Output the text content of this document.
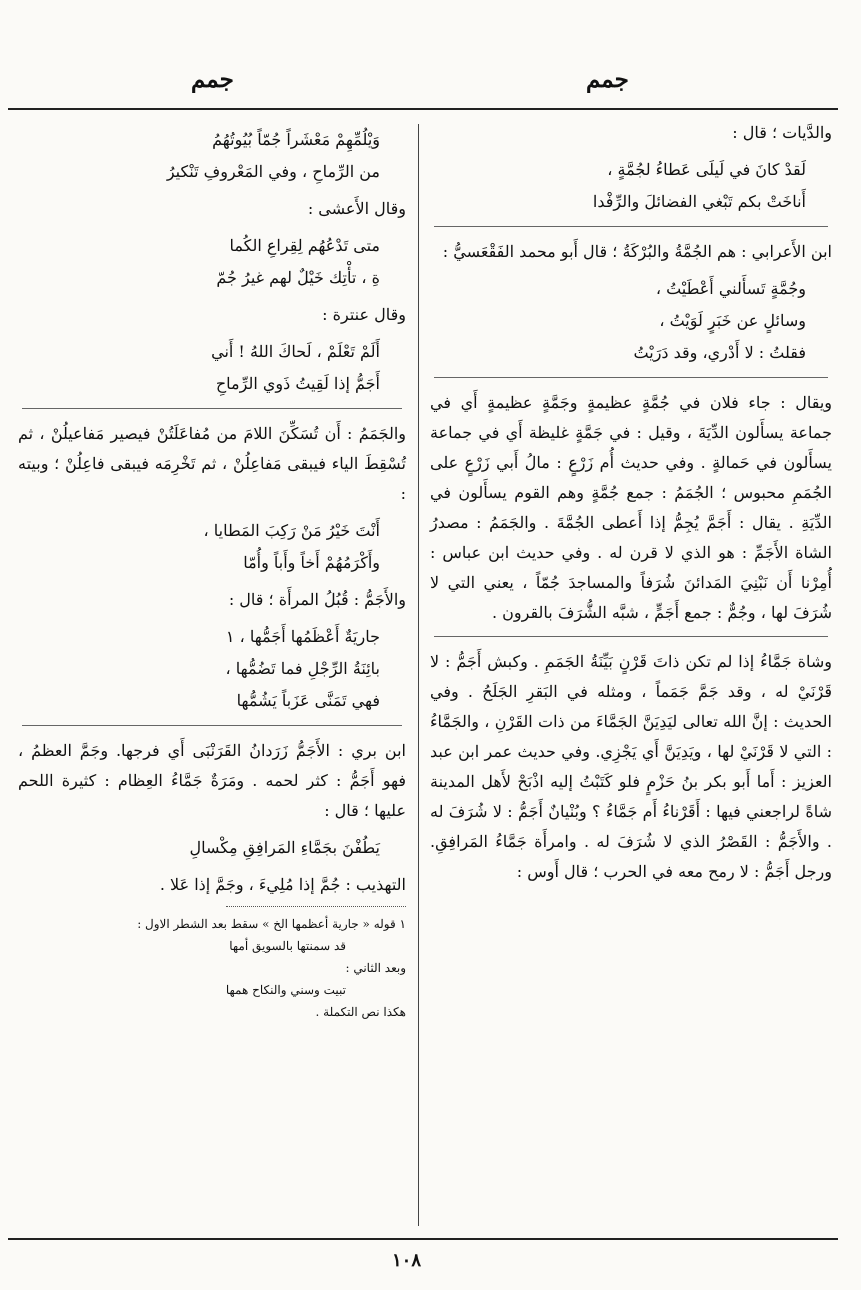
جمم
جمم

والدَّيات ؛ قال :

لَقدْ كانَ في لَيلَى عَطاءُ لجُمَّةٍ ،
أَناخَتْ بكم تَبْغي الفضائلَ والرِّفْدا

ابن الأَعرابي : هم الجُمَّةُ والبُرْكَةُ ؛ قال أَبو محمد الفَقْعَسيُّ :

وجُمَّةٍ تَسأَلني أَعْطَيْتُ ،
وسائلٍ عن خَبَرٍ لَوَيْتُ ،
فقلتُ : لا أَدْري، وقد دَرَيْتُ

ويقال : جاء فلان في جُمَّةٍ عظيمةٍ وجَمَّةٍ عظيمةٍ أَي في جماعة يسأَلون الدِّيَةَ ، وقيل : في جَمَّةٍ غليظة أَي في جماعة يسأَلون في حَمالةٍ . وفي حديث أُم زَرْعٍ : مالُ أَبي زَرْعٍ على الجُمَمِ محبوس ؛ الجُمَمُ : جمع جُمَّةٍ وهم القوم يسأَلون في الدِّيَةِ . يقال : أَجَمَّ يُجِمُّ إذا أَعطى الجُمَّةَ . والجَمَمُ : مصدرُ الشاة الأَجَمِّ : هو الذي لا قرن له . وفي حديث ابن عباس : أُمِرْنا أَن نَبْنِيَ المَدائنَ شُرَفاً والمساجدَ جُمّاً ، يعني التي لا شُرَفَ لها ، وجُمٌّ : جمع أَجَمٍّ ، شبَّه الشُّرَفَ بالقرون .

وشاة جَمَّاءُ إذا لم تكن ذاتَ قَرْنٍ بَيِّنَةُ الجَمَمِ . وكبش أَجَمُّ : لا قَرْنَيْ له ، وقد جَمَّ جَمَماً ، ومثله في البَقرِ الجَلَحُ . وفي الحديث : إنَّ الله تعالى ليَدِيَنَّ الجَمَّاءَ من ذات القَرْنِ ، والجَمَّاءُ : التي لا قَرْنَيْ لها ، ويَدِيَنَّ أَي يَجْزِي. وفي حديث عمر ابن عبد العزيز : أَما أَبو بكر بنُ حَزْمٍ فلو كَتَبْتُ إليه اذْبَحْ لأَهل المدينة شاةً لراجعني فيها : أَقَرْناءُ أَم جَمَّاءُ ؟ وبُنْيانٌ أَجَمُّ : لا شُرَفَ له . والأَجَمُّ : القَصْرُ الذي لا شُرَفَ له . وامرأَة جَمَّاءُ المَرافِقِ. ورجل أَجَمُّ : لا رمح معه في الحرب ؛ قال أَوس :

وَيْلُمِّهِمْ مَعْشَراً جُمّاً بُيُوتُهُمُ
من الرِّماحِ ، وفي المَعْروفِ تَنْكيرُ

وقال الأَعشى :

متى تَدْعُهُم لِقِراعِ الكُما
ةِ ، تأْتِك خَيْلٌ لهم غيرُ جُمّ

وقال عنترة :

أَلَمْ تَعْلَمْ ، لَحاكَ اللهُ ! أَني
أَجَمُّ إذا لَقِيتُ ذَوي الرِّماحِ

والجَمَمُ : أَن تُسَكِّنَ اللامَ من مُفاعَلَتُنْ فيصير مَفاعيلُنْ ، ثم تُسْقِطَ الياء فيبقى مَفاعِلُنْ ، ثم تَخْرِمَه فيبقى فاعِلُنْ ؛ وبيته :

أَنْتَ خَيْرُ مَنْ رَكِبَ المَطايا ،
وأَكْرَمُهُمْ أَخاً وأَباً وأُمّا

والأَجَمُّ : قُبُلُ المرأَة ؛ قال :

جاريَةٌ أَعْظَمُها أَجَمُّها ، ١
بائِنَةُ الرِّجْلِ فما تَضُمُّها ،
فهي تَمَنَّى عَزَباً يَشُمُّها

ابن بري : الأَجَمُّ زَرَدانُ القَرَنْبَى أَي فرجها. وجَمَّ العظمُ ، فهو أَجَمُّ : كثر لحمه . ومَرَةٌ جَمَّاءُ العِظام : كثيرة اللحم عليها ؛ قال :

يَطُفْنَ بجَمَّاءِ المَرافِقِ مِكْسالِ

التهذيب : جُمَّ إذا مُلِيءَ ، وجَمَّ إذا عَلا .

١ قوله « جارية أعظمها الخ » سقط بعد الشطر الاول :
قد سمنتها بالسويق أمها
وبعد الثاني :
تبيت وسني والنكاح همها
هكذا نص التكملة .
١٠٨
